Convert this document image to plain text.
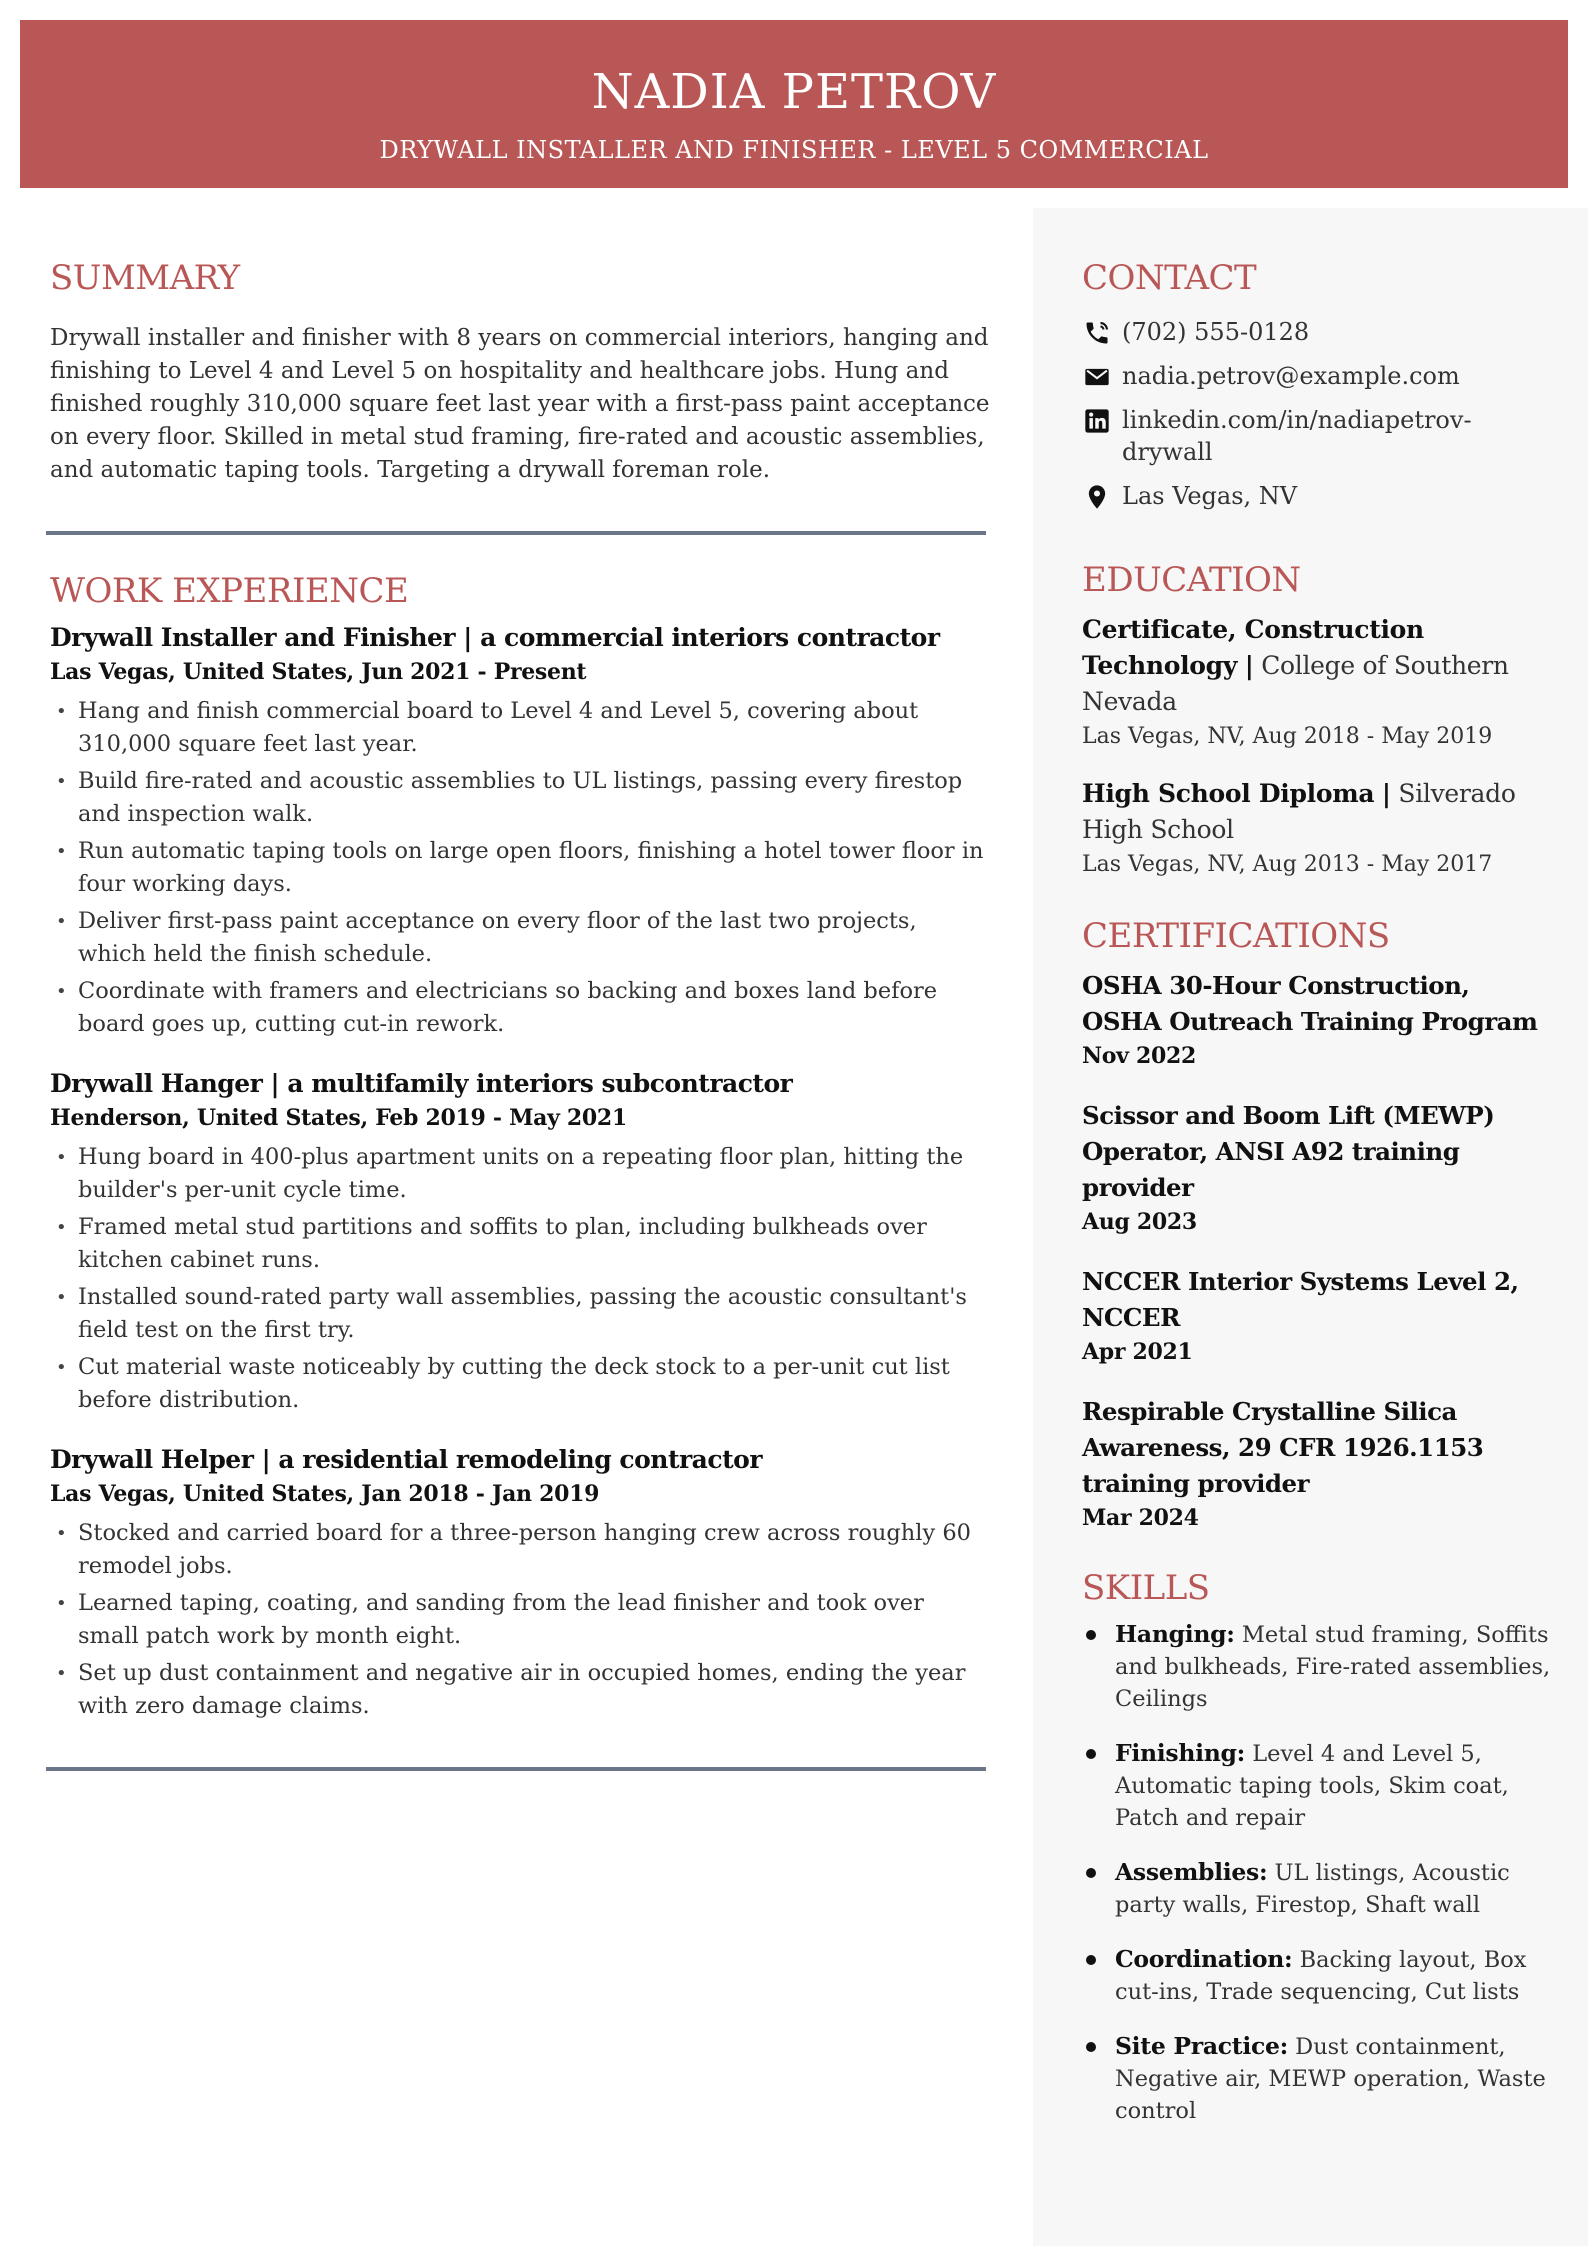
NADIA PETROV
DRYWALL INSTALLER AND FINISHER - LEVEL 5 COMMERCIAL
SUMMARY

Drywall installer and finisher with 8 years on commercial interiors, hanging and finishing to Level 4 and Level 5 on hospitality and healthcare jobs. Hung and finished roughly 310,000 square feet last year with a first-pass paint acceptance on every floor. Skilled in metal stud framing, fire-rated and acoustic assemblies, and automatic taping tools. Targeting a drywall foreman role.

WORK EXPERIENCE
Drywall Installer and Finisher | a commercial interiors contractor
Las Vegas, United States, Jun 2021 - Present
• Hang and finish commercial board to Level 4 and Level 5, covering about 310,000 square feet last year.
• Build fire-rated and acoustic assemblies to UL listings, passing every firestop and inspection walk.
• Run automatic taping tools on large open floors, finishing a hotel tower floor in four working days.
• Deliver first-pass paint acceptance on every floor of the last two projects, which held the finish schedule.
• Coordinate with framers and electricians so backing and boxes land before board goes up, cutting cut-in rework.
Drywall Hanger | a multifamily interiors subcontractor
Henderson, United States, Feb 2019 - May 2021
• Hung board in 400-plus apartment units on a repeating floor plan, hitting the builder's per-unit cycle time.
• Framed metal stud partitions and soffits to plan, including bulkheads over kitchen cabinet runs.
• Installed sound-rated party wall assemblies, passing the acoustic consultant's field test on the first try.
• Cut material waste noticeably by cutting the deck stock to a per-unit cut list before distribution.
Drywall Helper | a residential remodeling contractor
Las Vegas, United States, Jan 2018 - Jan 2019
• Stocked and carried board for a three-person hanging crew across roughly 60 remodel jobs.
• Learned taping, coating, and sanding from the lead finisher and took over small patch work by month eight.
• Set up dust containment and negative air in occupied homes, ending the year with zero damage claims.
CONTACT
(702) 555-0128
nadia.petrov@example.com
linkedin.com/in/nadiapetrov-drywall
Las Vegas, NV
EDUCATION
Certificate, Construction Technology | College of Southern Nevada
Las Vegas, NV, Aug 2018 - May 2019
High School Diploma | Silverado High School
Las Vegas, NV, Aug 2013 - May 2017
CERTIFICATIONS
OSHA 30-Hour Construction, OSHA Outreach Training Program
Nov 2022
Scissor and Boom Lift (MEWP) Operator, ANSI A92 training provider
Aug 2023
NCCER Interior Systems Level 2, NCCER
Apr 2021
Respirable Crystalline Silica Awareness, 29 CFR 1926.1153 training provider
Mar 2024
SKILLS
Hanging: Metal stud framing, Soffits and bulkheads, Fire-rated assemblies, Ceilings
Finishing: Level 4 and Level 5, Automatic taping tools, Skim coat, Patch and repair
Assemblies: UL listings, Acoustic party walls, Firestop, Shaft wall
Coordination: Backing layout, Box cut-ins, Trade sequencing, Cut lists
Site Practice: Dust containment, Negative air, MEWP operation, Waste control
